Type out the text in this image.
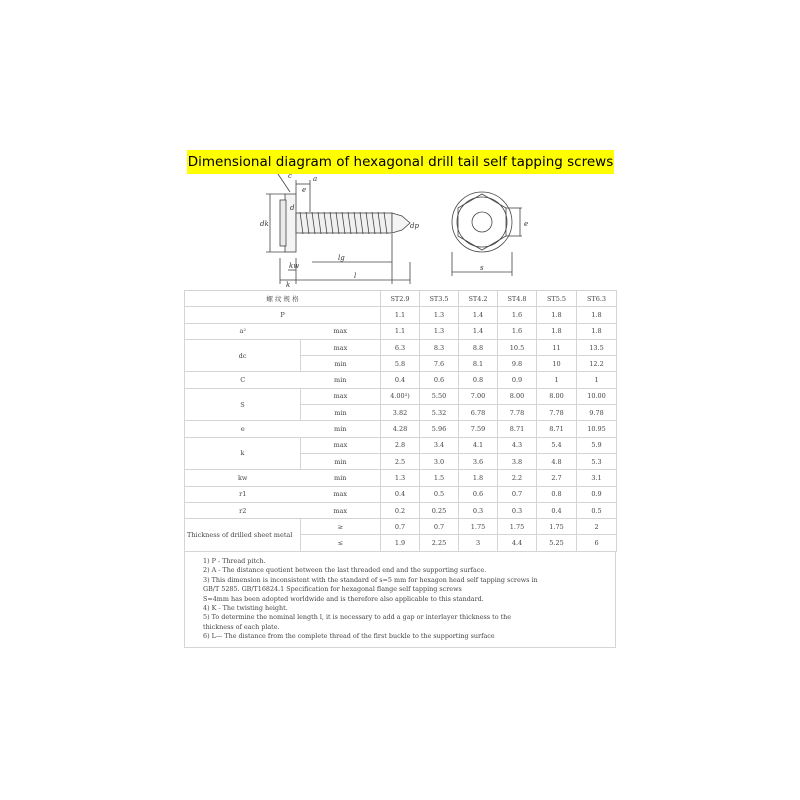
Dimensional diagram of hexagonal drill tail self tapping screws
a
c
e
l
dk
d
k
kw
lg
dp	e
s
螺 纹 规 格		ST2.9	ST3.5	ST4.2	ST4.8	ST5.5	ST6.3
P		1.1	1.3	1.4	1.6	1.8	1.8
a²	max	1.1	1.3	1.4	1.6	1.8	1.8
dc	max	6.3	8.3	8.8	10.5	11	13.5
	min	5.8	7.6	8.1	9.8	10	12.2
C	min	0.4	0.6	0.8	0.9	1	1
S	max	4.00³)	5.50	7.00	8.00	8.00	10.00
	min	3.82	5.32	6.78	7.78	7.78	9.78
e	min	4.28	5.96	7.59	8.71	8.71	10.95
k	max	2.8	3.4	4.1	4.3	5.4	5.9
	min	2.5	3.0	3.6	3.8	4.8	5.3
kw	min	1.3	1.5	1.8	2.2	2.7	3.1
r1	max	0.4	0.5	0.6	0.7	0.8	0.9
r2	max	0.2	0.25	0.3	0.3	0.4	0.5
Thickness of drilled sheet metal	≥	0.7	0.7	1.75	1.75	1.75	2
	≤	1.9	2.25	3	4.4	5.25	6
1) P - Thread pitch.
2) A - The distance quotient between the last threaded end and the supporting surface.
3) This dimension is inconsistent with the standard of s=5 mm for hexagon head self tapping screws in
GB/T 5285. GB/T16824.1 Specification for hexagonal flange self tapping screws
S=4mm has been adopted worldwide and is therefore also applicable to this standard.
4) K - The twisting height.
5) To determine the nominal length l, it is necessary to add a gap or interlayer thickness to the
thickness of each plate.
6) L--- The distance from the complete thread of the first buckle to the supporting surface
